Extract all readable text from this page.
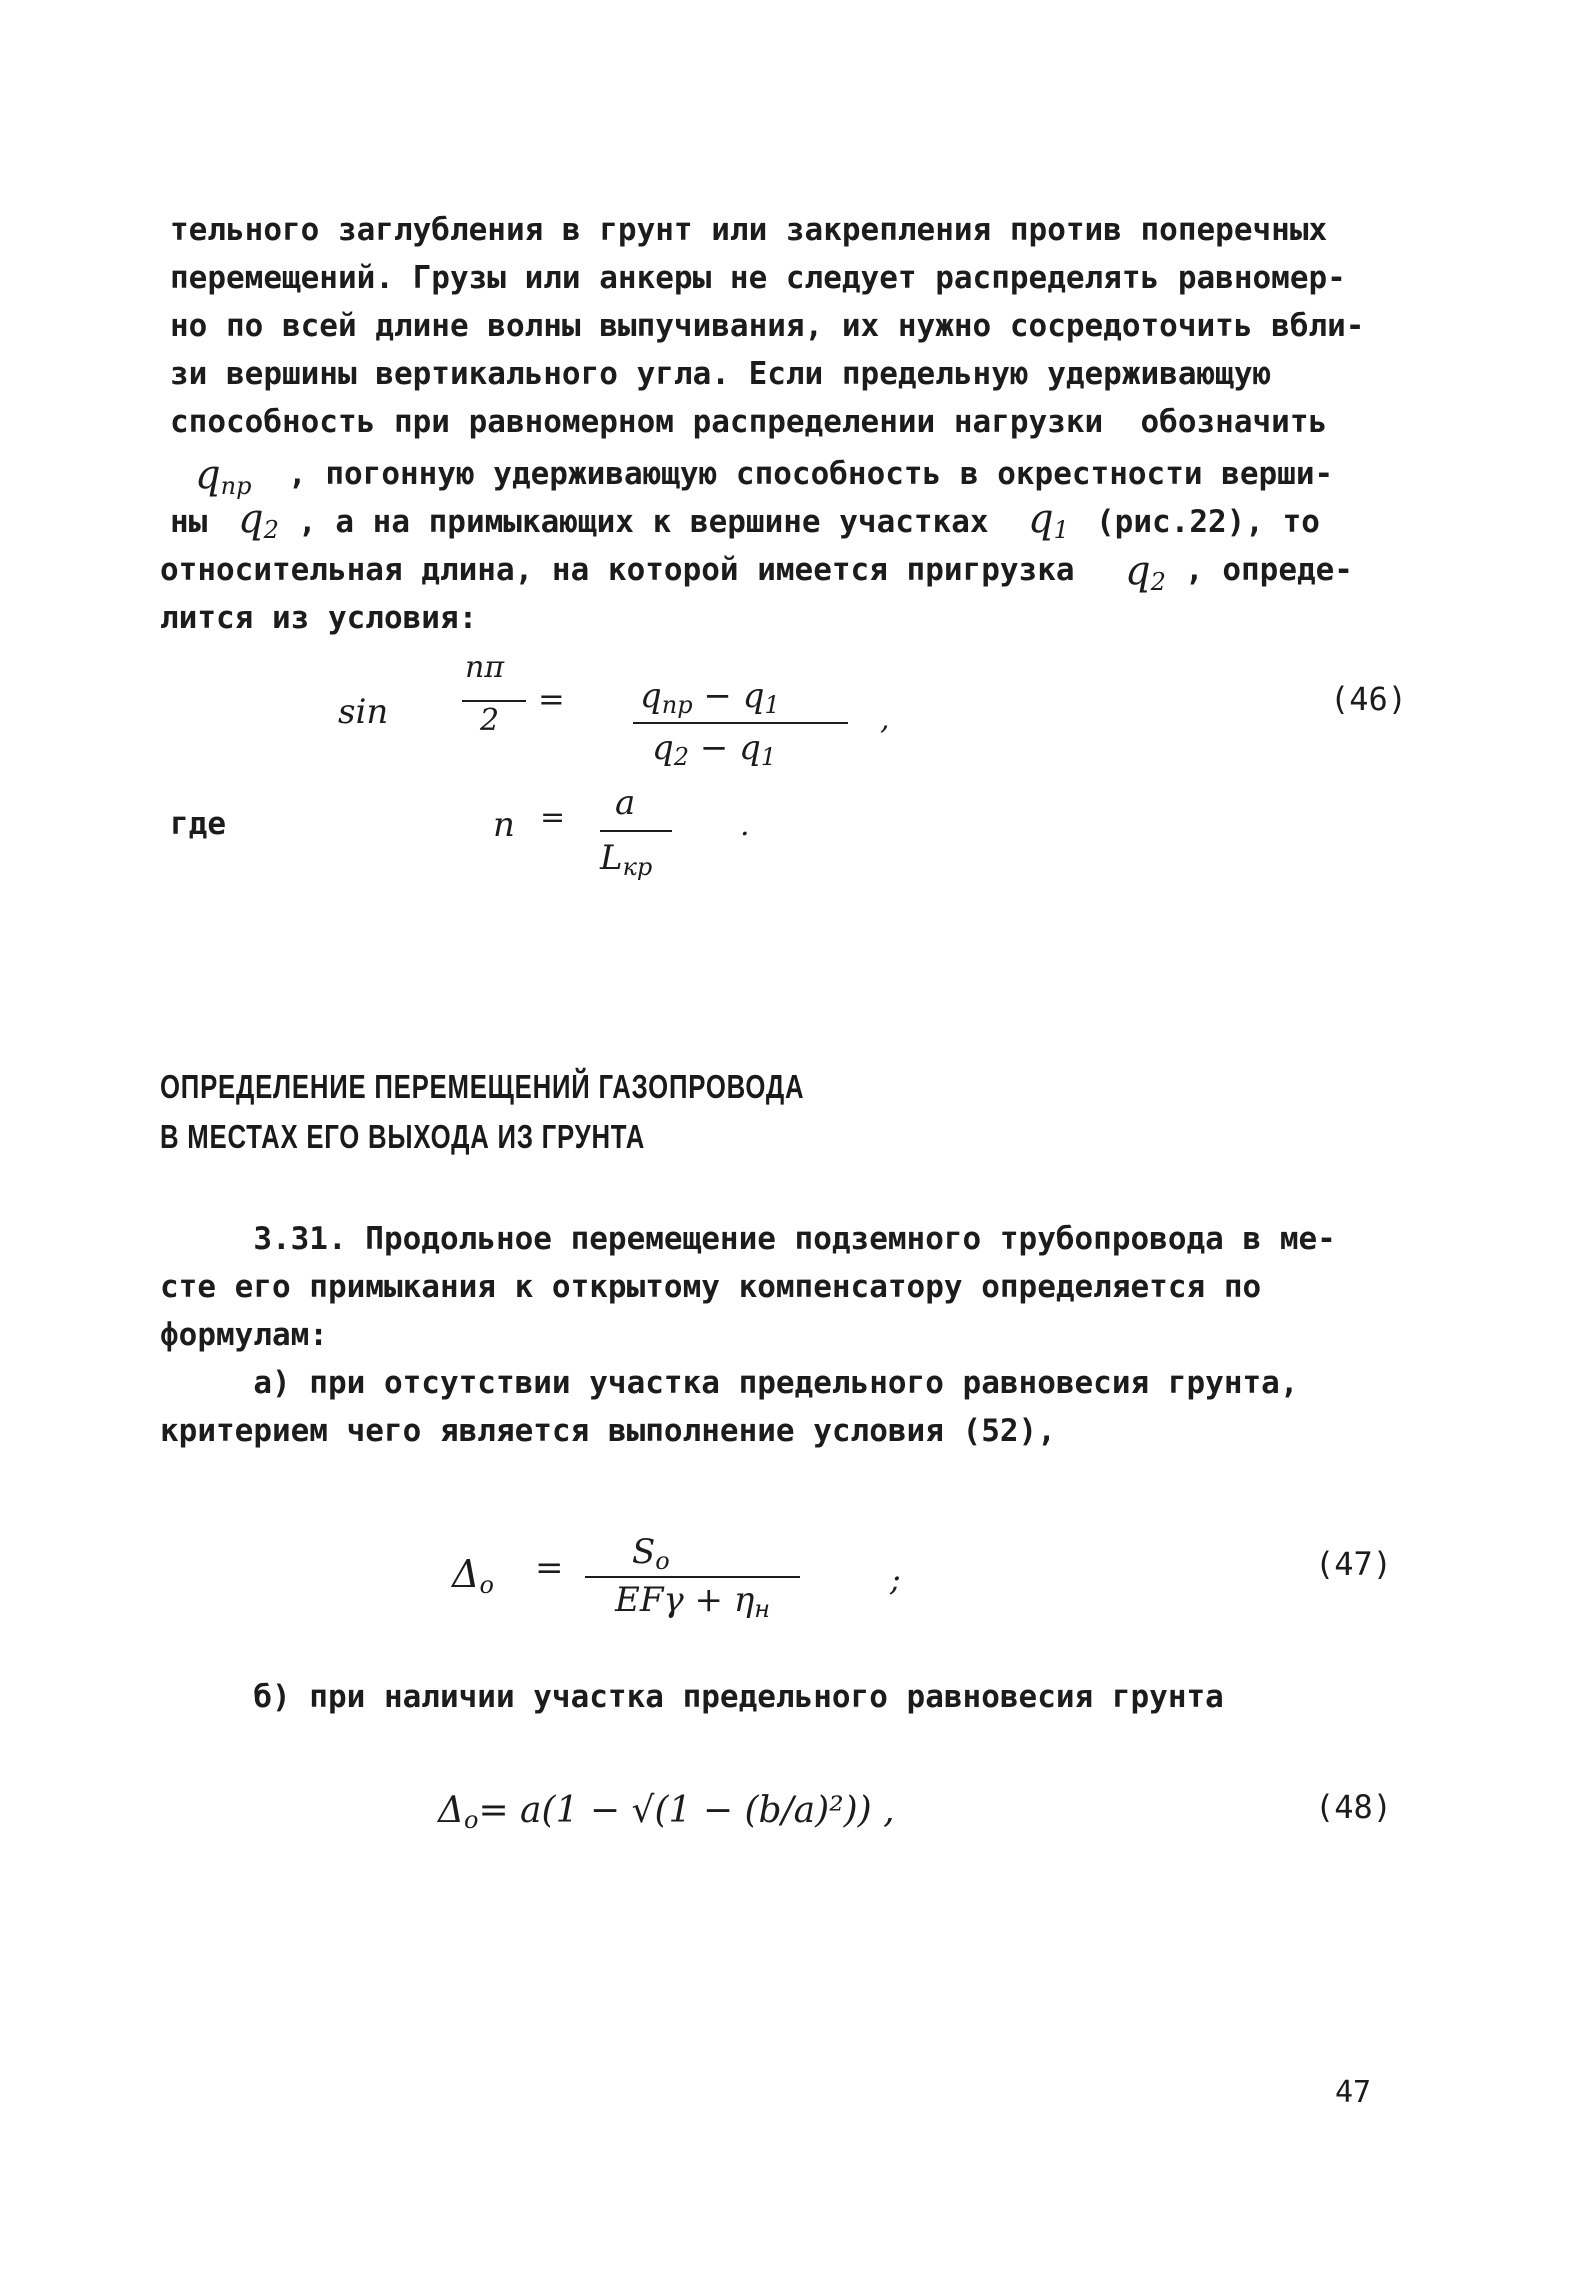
тельного заглубления в грунт или закрепления против поперечных
перемещений. Грузы или анкеры не следует распределять равномер-
но по всей длине волны выпучивания, их нужно сосредоточить вбли-
зи вершины вертикального угла. Если предельную удерживающую
способность при равномерном распределении нагрузки  обозначить
$q_{пр}$ , погонную удерживающую способность в окрестности верши-
ны $q_2$ , а на примыкающих к вершине участках $q_1$ (рис.22), то
относительная длина, на которой имеется пригрузка $q_2$ , опреде-
лится из условия:
sin
nπ
2
= $q_{пр} - q_1$
$q_2 - q_1$
,
(46)
где	n = a
$L_{кр}$
.
ОПРЕДЕЛЕНИЕ ПЕРЕМЕЩЕНИЙ ГАЗОПРОВОДА
В МЕСТАХ ЕГО ВЫХОДА ИЗ ГРУНТА
3.31. Продольное перемещение подземного трубопровода в ме-
сте его примыкания к открытому компенсатору определяется по
формулам:
а) при отсутствии участка предельного равновесия грунта,
критерием чего является выполнение условия (52),
$\Delta_o = S_o$
$EF\gamma + \eta_н$
;	(47)
б) при наличии участка предельного равновесия грунта
$\Delta_o= a(1 - √(1 - (b/a)^2))$ ,	(48)
47
